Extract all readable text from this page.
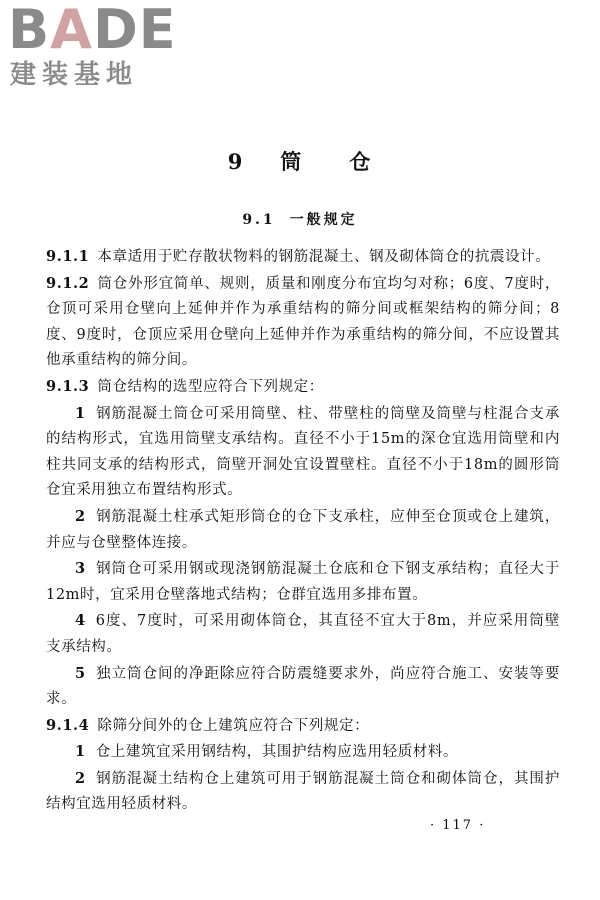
BADE
建装基地
9 筒　　仓
9.1 一般规定

9.1.1 本章适用于贮存散状物料的钢筋混凝土、钢及砌体筒仓的抗震设计。

9.1.2 筒仓外形宜简单、规则，质量和刚度分布宜均匀对称；6度、7度时，仓顶可采用仓壁向上延伸并作为承重结构的筛分间或框架结构的筛分间；8度、9度时，仓顶应采用仓壁向上延伸并作为承重结构的筛分间，不应设置其他承重结构的筛分间。

9.1.3 筒仓结构的选型应符合下列规定：

1 钢筋混凝土筒仓可采用筒壁、柱、带壁柱的筒壁及筒壁与柱混合支承的结构形式，宜选用筒壁支承结构。直径不小于15m的深仓宜选用筒壁和内柱共同支承的结构形式，筒壁开洞处宜设置壁柱。直径不小于18m的圆形筒仓宜采用独立布置结构形式。

2 钢筋混凝土柱承式矩形筒仓的仓下支承柱，应伸至仓顶或仓上建筑，并应与仓壁整体连接。

3 钢筒仓可采用钢或现浇钢筋混凝土仓底和仓下钢支承结构；直径大于12m时，宜采用仓壁落地式结构；仓群宜选用多排布置。

4 6度、7度时，可采用砌体筒仓，其直径不宜大于8m，并应采用筒壁支承结构。

5 独立筒仓间的净距除应符合防震缝要求外，尚应符合施工、安装等要求。

9.1.4 除筛分间外的仓上建筑应符合下列规定：

1 仓上建筑宜采用钢结构，其围护结构应选用轻质材料。

2 钢筋混凝土结构仓上建筑可用于钢筋混凝土筒仓和砌体筒仓，其围护结构宜选用轻质材料。

· 117 ·
